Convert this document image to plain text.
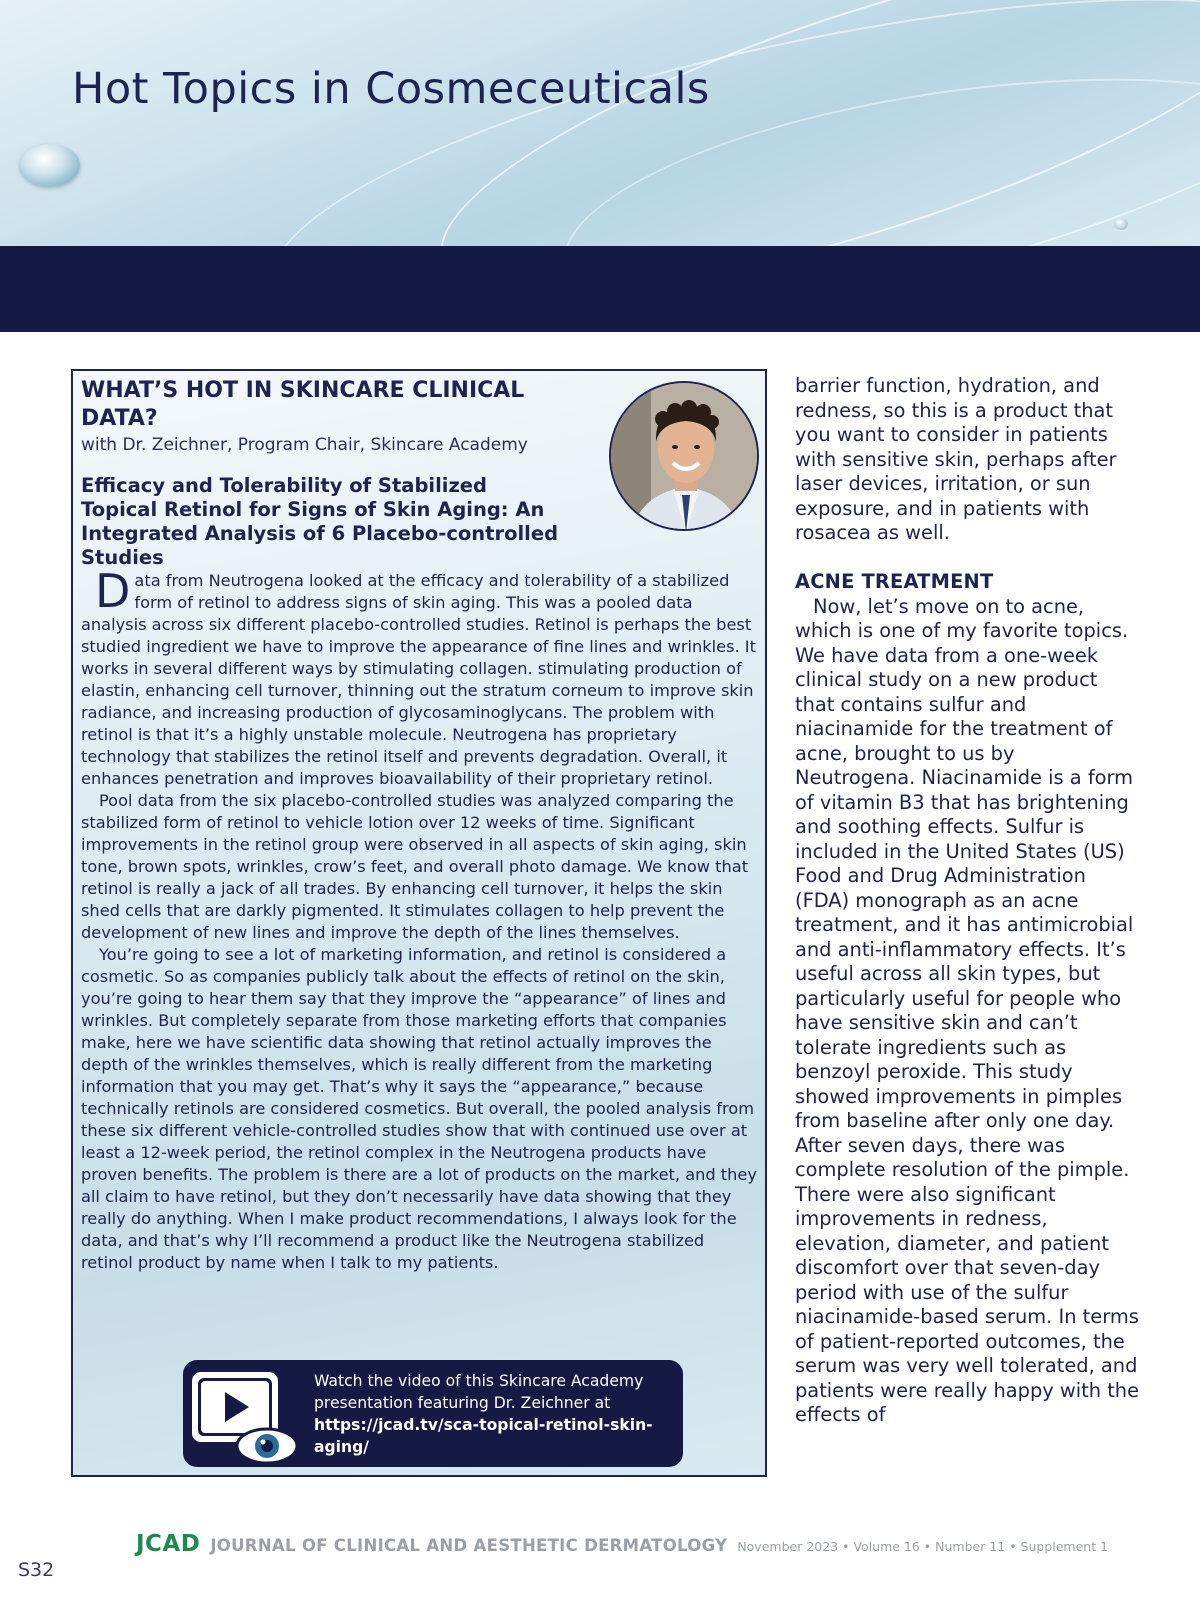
Hot Topics in Cosmeceuticals
WHAT’S HOT IN SKINCARE CLINICAL DATA?
with Dr. Zeichner, Program Chair, Skincare Academy
Efficacy and Tolerability of Stabilized Topical Retinol for Signs of Skin Aging: An Integrated Analysis of 6 Placebo-controlled Studies

Data from Neutrogena looked at the efficacy and tolerability of a stabilized form of retinol to address signs of skin aging. This was a pooled data analysis across six different placebo-controlled studies. Retinol is perhaps the best studied ingredient we have to improve the appearance of fine lines and wrinkles. It works in several different ways by stimulating collagen. stimulating production of elastin, enhancing cell turnover, thinning out the stratum corneum to improve skin radiance, and increasing production of glycosaminoglycans. The problem with retinol is that it’s a highly unstable molecule. Neutrogena has proprietary technology that stabilizes the retinol itself and prevents degradation. Overall, it enhances penetration and improves bioavailability of their proprietary retinol.

Pool data from the six placebo-controlled studies was analyzed comparing the stabilized form of retinol to vehicle lotion over 12 weeks of time. Significant improvements in the retinol group were observed in all aspects of skin aging, skin tone, brown spots, wrinkles, crow’s feet, and overall photo damage. We know that retinol is really a jack of all trades. By enhancing cell turnover, it helps the skin shed cells that are darkly pigmented. It stimulates collagen to help prevent the development of new lines and improve the depth of the lines themselves.

You’re going to see a lot of marketing information, and retinol is considered a cosmetic. So as companies publicly talk about the effects of retinol on the skin, you’re going to hear them say that they improve the “appearance” of lines and wrinkles. But completely separate from those marketing efforts that companies make, here we have scientific data showing that retinol actually improves the depth of the wrinkles themselves, which is really different from the marketing information that you may get. That’s why it says the “appearance,” because technically retinols are considered cosmetics. But overall, the pooled analysis from these six different vehicle-controlled studies show that with continued use over at least a 12-week period, the retinol complex in the Neutrogena products have proven benefits. The problem is there are a lot of products on the market, and they all claim to have retinol, but they don’t necessarily have data showing that they really do anything. When I make product recommendations, I always look for the data, and that’s why I’ll recommend a product like the Neutrogena stabilized retinol product by name when I talk to my patients.

Watch the video of this Skincare Academy presentation featuring Dr. Zeichner at https://jcad.tv/sca-topical-retinol-skin-aging/

barrier function, hydration, and redness, so this is a product that you want to consider in patients with sensitive skin, perhaps after laser devices, irritation, or sun exposure, and in patients with rosacea as well.

ACNE TREATMENT

Now, let’s move on to acne, which is one of my favorite topics. We have data from a one-week clinical study on a new product that contains sulfur and niacinamide for the treatment of acne, brought to us by Neutrogena. Niacinamide is a form of vitamin B3 that has brightening and soothing effects. Sulfur is included in the United States (US) Food and Drug Administration (FDA) monograph as an acne treatment, and it has antimicrobial and anti-inflammatory effects. It’s useful across all skin types, but particularly useful for people who have sensitive skin and can’t tolerate ingredients such as benzoyl peroxide. This study showed improvements in pimples from baseline after only one day. After seven days, there was complete resolution of the pimple. There were also significant improvements in redness, elevation, diameter, and patient discomfort over that seven-day period with use of the sulfur niacinamide-based serum. In terms of patient-reported outcomes, the serum was very well tolerated, and patients were really happy with the effects of

JCAD JOURNAL OF CLINICAL AND AESTHETIC DERMATOLOGY November 2023 • Volume 16 • Number 11 • Supplement 1
S32
